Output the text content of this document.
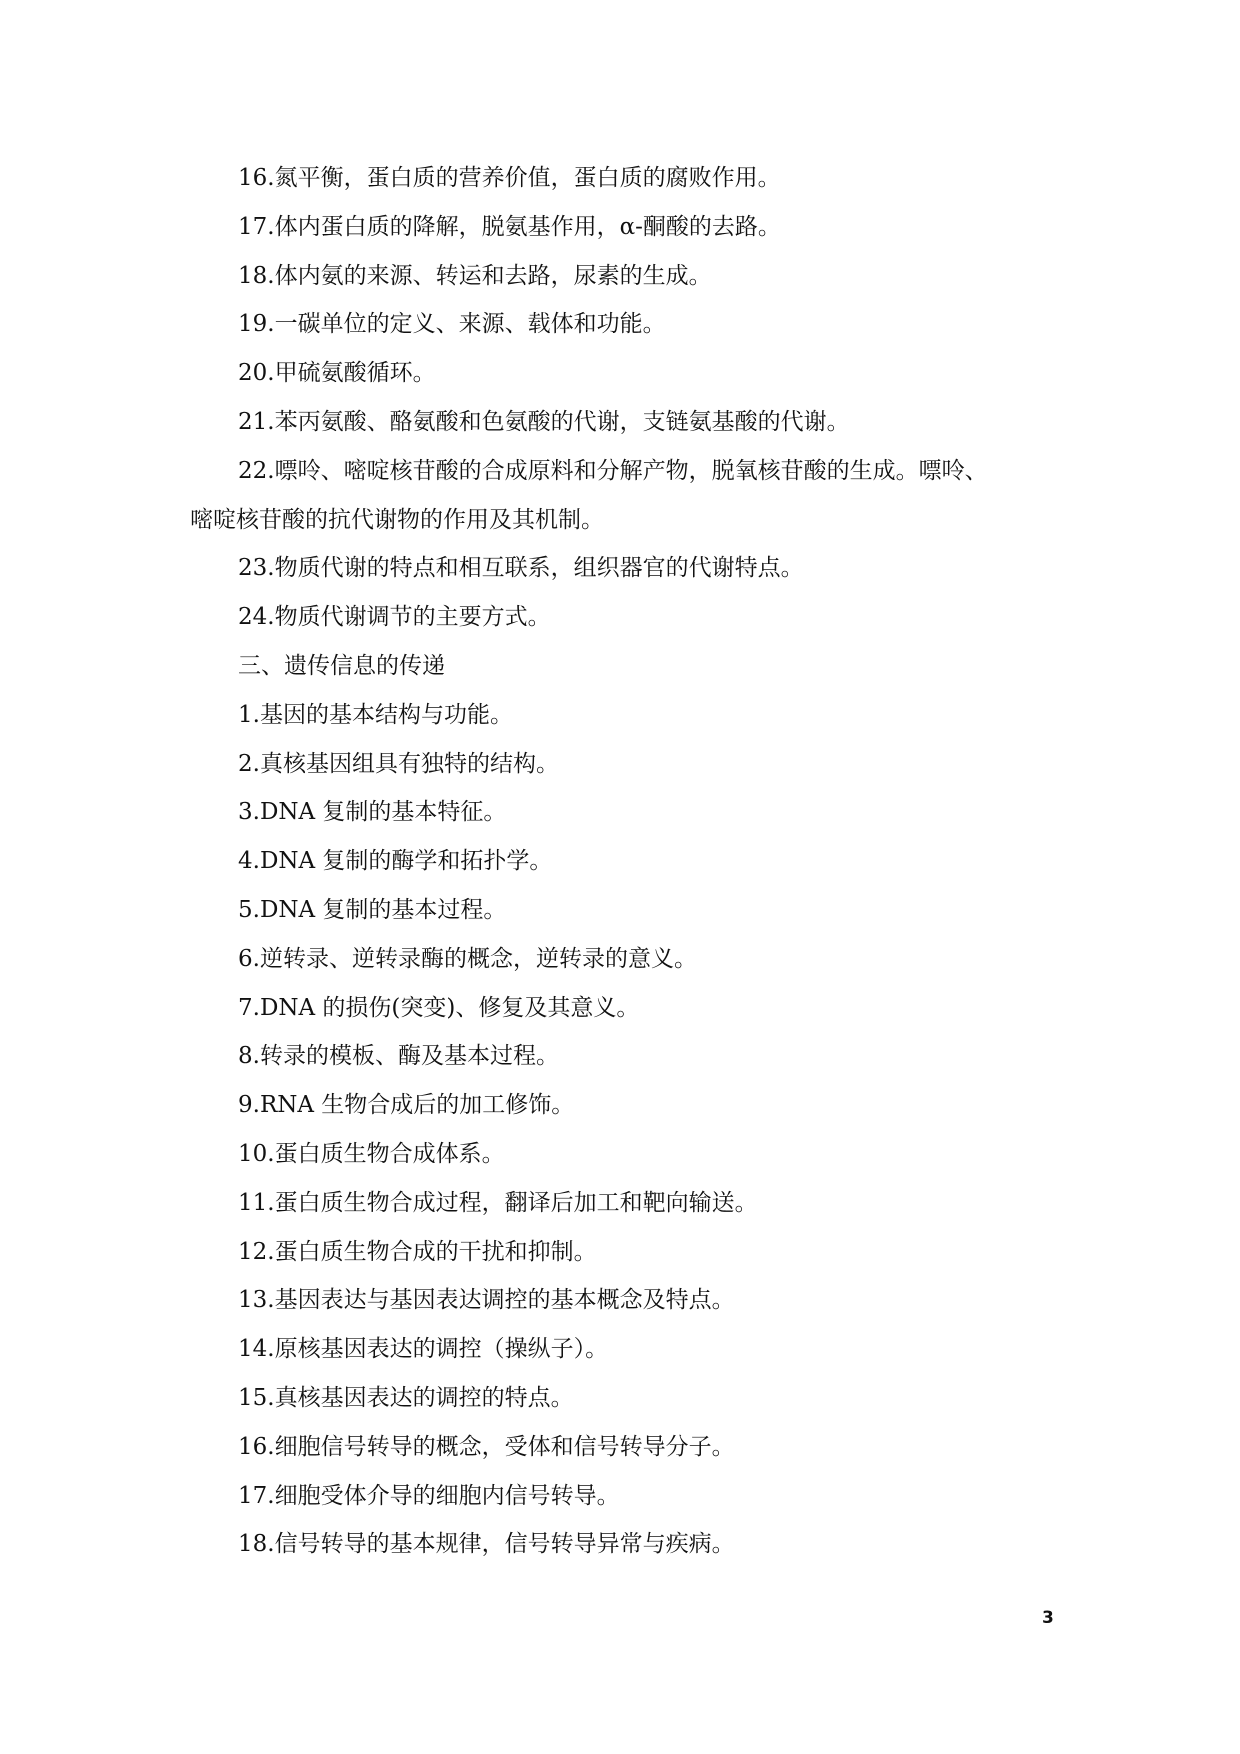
16.氮平衡，蛋白质的营养价值，蛋白质的腐败作用。
17.体内蛋白质的降解，脱氨基作用，α-酮酸的去路。
18.体内氨的来源、转运和去路，尿素的生成。
19.一碳单位的定义、来源、载体和功能。
20.甲硫氨酸循环。
21.苯丙氨酸、酪氨酸和色氨酸的代谢，支链氨基酸的代谢。
22.嘌呤、嘧啶核苷酸的合成原料和分解产物，脱氧核苷酸的生成。嘌呤、
嘧啶核苷酸的抗代谢物的作用及其机制。
23.物质代谢的特点和相互联系，组织器官的代谢特点。
24.物质代谢调节的主要方式。
三、遗传信息的传递
1.基因的基本结构与功能。
2.真核基因组具有独特的结构。
3.DNA 复制的基本特征。
4.DNA 复制的酶学和拓扑学。
5.DNA 复制的基本过程。
6.逆转录、逆转录酶的概念，逆转录的意义。
7.DNA 的损伤(突变)、修复及其意义。
8.转录的模板、酶及基本过程。
9.RNA 生物合成后的加工修饰。
10.蛋白质生物合成体系。
11.蛋白质生物合成过程，翻译后加工和靶向输送。
12.蛋白质生物合成的干扰和抑制。
13.基因表达与基因表达调控的基本概念及特点。
14.原核基因表达的调控（操纵子）。
15.真核基因表达的调控的特点。
16.细胞信号转导的概念，受体和信号转导分子。
17.细胞受体介导的细胞内信号转导。
18.信号转导的基本规律，信号转导异常与疾病。
3
